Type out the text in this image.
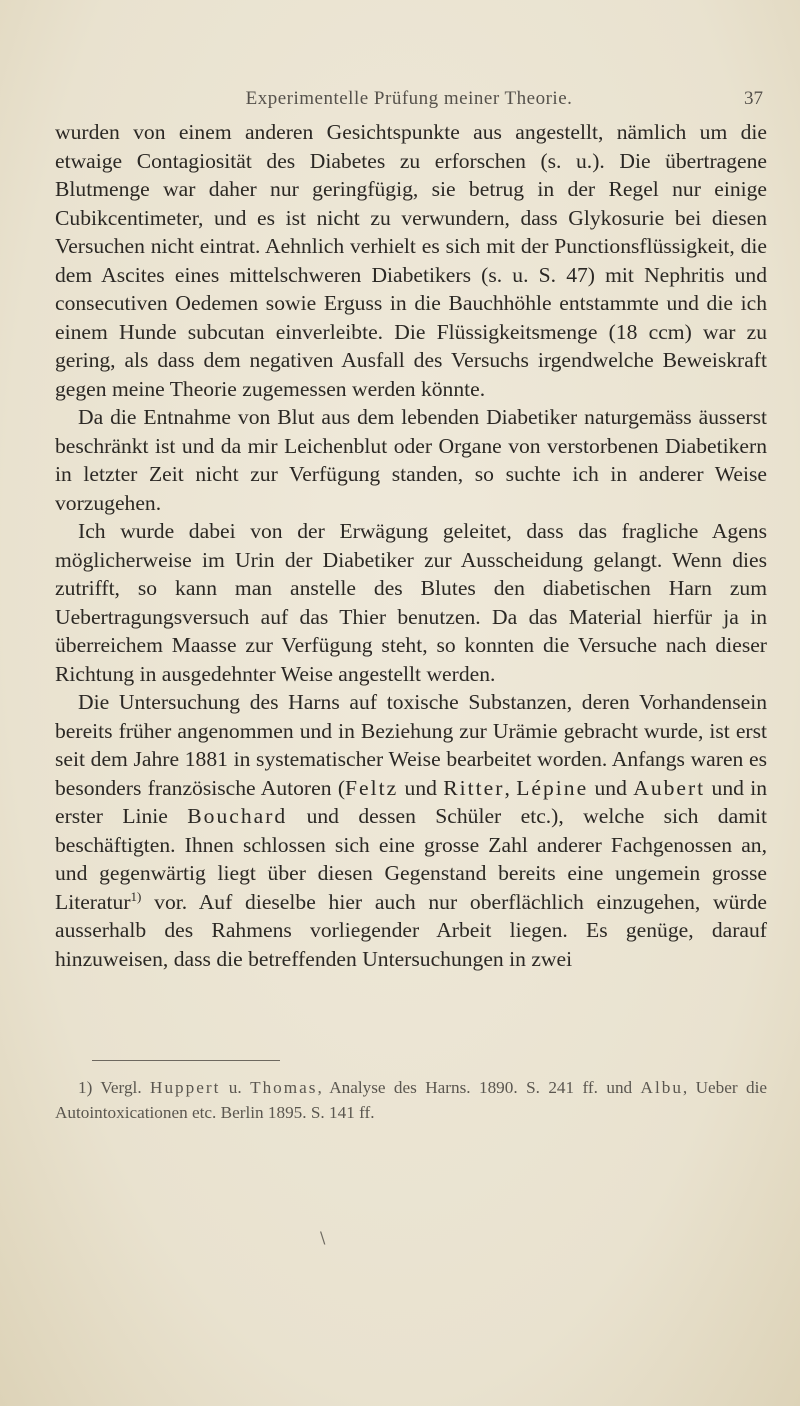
Experimentelle Prüfung meiner Theorie.	37

wurden von einem anderen Gesichtspunkte aus angestellt, nämlich um die etwaige Contagiosität des Diabetes zu erforschen (s. u.). Die übertragene Blutmenge war daher nur geringfügig, sie betrug in der Regel nur einige Cubikcentimeter, und es ist nicht zu verwundern, dass Glykosurie bei diesen Versuchen nicht eintrat. Aehnlich verhielt es sich mit der Punctionsflüssigkeit, die dem Ascites eines mittelschweren Diabetikers (s. u. S. 47) mit Nephritis und consecutiven Oedemen sowie Erguss in die Bauchhöhle entstammte und die ich einem Hunde subcutan einverleibte. Die Flüssigkeitsmenge (18 ccm) war zu gering, als dass dem negativen Ausfall des Versuchs irgendwelche Beweiskraft gegen meine Theorie zugemessen werden könnte.

Da die Entnahme von Blut aus dem lebenden Diabetiker naturgemäss äusserst beschränkt ist und da mir Leichenblut oder Organe von verstorbenen Diabetikern in letzter Zeit nicht zur Verfügung standen, so suchte ich in anderer Weise vorzugehen.

Ich wurde dabei von der Erwägung geleitet, dass das fragliche Agens möglicherweise im Urin der Diabetiker zur Ausscheidung gelangt. Wenn dies zutrifft, so kann man anstelle des Blutes den diabetischen Harn zum Uebertragungsversuch auf das Thier benutzen. Da das Material hierfür ja in überreichem Maasse zur Verfügung steht, so konnten die Versuche nach dieser Richtung in ausgedehnter Weise angestellt werden.

Die Untersuchung des Harns auf toxische Substanzen, deren Vorhandensein bereits früher angenommen und in Beziehung zur Urämie gebracht wurde, ist erst seit dem Jahre 1881 in systematischer Weise bearbeitet worden. Anfangs waren es besonders französische Autoren (Feltz und Ritter, Lépine und Aubert und in erster Linie Bouchard und dessen Schüler etc.), welche sich damit beschäftigten. Ihnen schlossen sich eine grosse Zahl anderer Fachgenossen an, und gegenwärtig liegt über diesen Gegenstand bereits eine ungemein grosse Literatur$^{1)}$ vor. Auf dieselbe hier auch nur oberflächlich einzugehen, würde ausserhalb des Rahmens vorliegender Arbeit liegen. Es genüge, darauf hinzuweisen, dass die betreffenden Untersuchungen in zwei

1) Vergl. Huppert u. Thomas, Analyse des Harns. 1890. S. 241 ff. und Albu, Ueber die Autointoxicationen etc. Berlin 1895. S. 141 ff.

\
